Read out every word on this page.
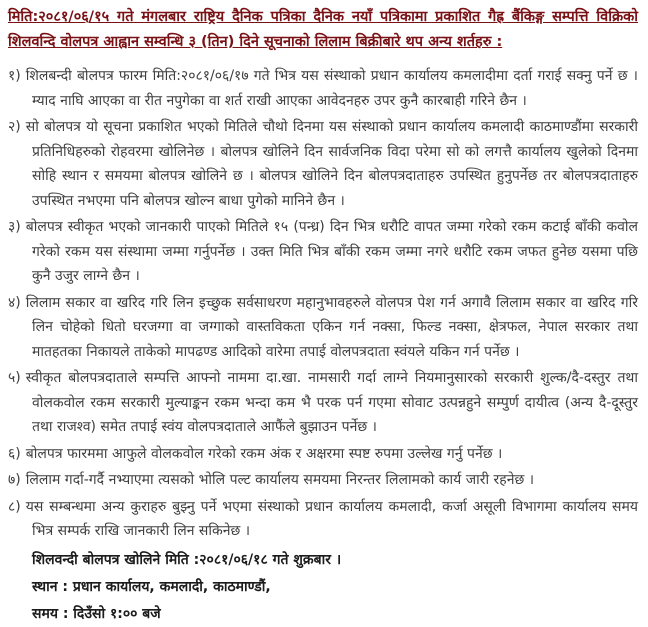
मिति:२०८१/०६/१५ गते मंगलबार राष्ट्रिय दैनिक पत्रिका दैनिक नयाँ पत्रिकामा प्रकाशित गैह्र बैंकिङ्ग सम्पत्ति विक्रिको शिलवन्दि वोलपत्र आह्वान सम्वन्धि ३ (तिन) दिने सूचनाको लिलाम बिक्रीबारे थप अन्य शर्तहरु :

१) शिलबन्दी बोलपत्र फारम मिति:२०८१/०६/१७ गते भित्र यस संस्थाको प्रधान कार्यालय कमलादीमा दर्ता गराई सक्नु पर्ने छ । म्याद नाघि आएका वा रीत नपुगेका वा शर्त राखी आएका आवेदनहरु उपर कुनै कारबाही गरिने छैन ।

२) सो बोलपत्र यो सूचना प्रकाशित भएको मितिले चौथो दिनमा यस संस्थाको प्रधान कार्यालय कमलादी काठमाण्डौंमा सरकारी प्रतिनिधिहरुको रोहवरमा खोलिनेछ । बोलपत्र खोलिने दिन सार्वजनिक विदा परेमा सो को लगत्तै कार्यालय खुलेको दिनमा सोहि स्थान र समयमा बोलपत्र खोलिने छ । बोलपत्र खोलिने दिन बोलपत्रदाताहरु उपस्थित हुनुपर्नेछ तर बोलपत्रदाताहरु उपस्थित नभएमा पनि बोलपत्र खोल्न बाधा पुगेको मानिने छैन ।

३) बोलपत्र स्वीकृत भएको जानकारी पाएको मितिले १५ (पन्ध्र) दिन भित्र धरौटि वापत जम्मा गरेको रकम कटाई बाँकी कवोल गरेको रकम यस संस्थामा जम्मा गर्नुपर्नेछ । उक्त मिति भित्र बाँकी रकम जम्मा नगरे धरौटि रकम जफत हुनेछ यसमा पछि कुनै उजुर लाग्ने छैन ।

४) लिलाम सकार वा खरिद गरि लिन इच्छुक सर्वसाधरण महानुभावहरुले वोलपत्र पेश गर्न अगावै लिलाम सकार वा खरिद गरि लिन चोहेको धितो घरजग्गा वा जग्गाको वास्तविकता एकिन गर्न नक्सा, फिल्ड नक्सा, क्षेत्रफल, नेपाल सरकार तथा मातहतका निकायले ताकेको मापढण्ड आदिको वारेमा तपाई वोलपत्रदाता स्वंयले यकिन गर्न पर्नेछ ।

५) स्वीकृत बोलपत्रदाताले सम्पत्ति आफ्नो नाममा दा.खा. नामसारी गर्दा लाग्ने नियमानुसारको सरकारी शुल्क/दै-दस्तुर तथा वोलकवोल रकम सरकारी मुल्याङ्कन रकम भन्दा कम भै परक पर्न गएमा सोवाट उत्पन्नहुने सम्पुर्ण दायीत्व (अन्य दै-दूस्तुर तथा राजश्व) समेत तपाई स्वंय वोलपत्रदाताले आफैंले बुझाउन पर्नेछ ।

६) बोलपत्र फारममा आफुले वोलकवोल गरेको रकम अंक र अक्षरमा स्पष्ट रुपमा उल्लेख गर्नु पर्नेछ ।

७) लिलाम गर्दा-गर्दै नभ्याएमा त्यसको भोलि पल्ट कार्यालय समयमा निरन्तर लिलामको कार्य जारी रहनेछ ।

८) यस सम्बन्धमा अन्य कुराहरु बुझ्नु पर्ने भएमा संस्थाको प्रधान कार्यालय कमलादी, कर्जा असूली विभागमा कार्यालय समय भित्र सम्पर्क राखि जानकारी लिन सकिनेछ ।

शिलवन्दी बोलपत्र खोलिने मिति :२०८१/०६/१८ गते शुक्रबार ।

स्थान : प्रधान कार्यालय, कमलादी, काठमाण्डौं,

समय : दिउँसो १:०० बजे
